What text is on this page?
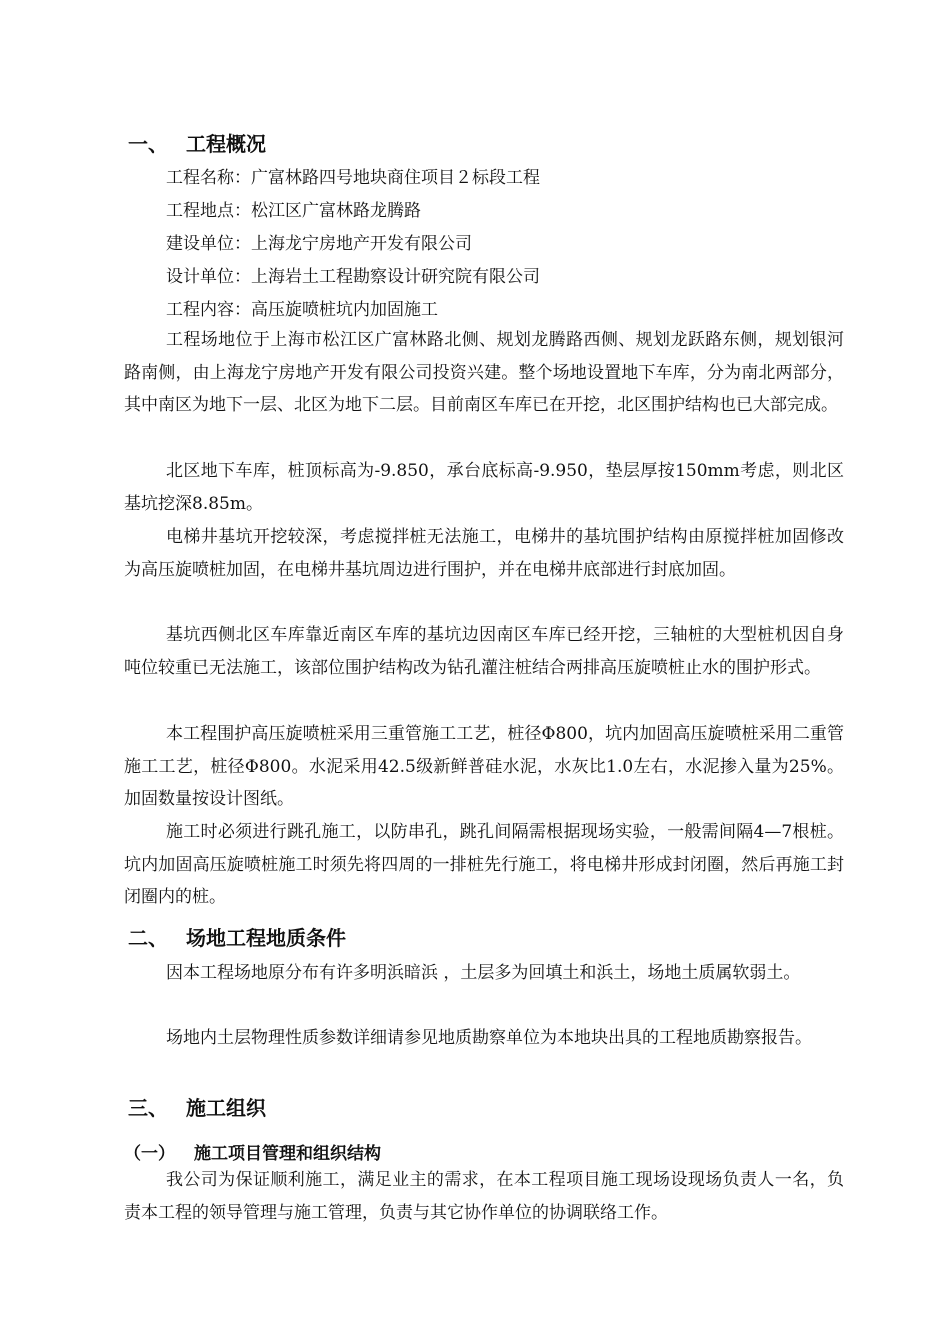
一、 工程概况
工程名称：广富林路四号地块商住项目２标段工程
工程地点：松江区广富林路龙腾路
建设单位：上海龙宁房地产开发有限公司
设计单位：上海岩土工程勘察设计研究院有限公司
工程内容：高压旋喷桩坑内加固施工

工程场地位于上海市松江区广富林路北侧、规划龙腾路西侧、规划龙跃路东侧，规划银河路南侧，由上海龙宁房地产开发有限公司投资兴建。整个场地设置地下车库，分为南北两部分，其中南区为地下一层、北区为地下二层。目前南区车库已在开挖，北区围护结构也已大部完成。

北区地下车库，桩顶标高为-9.850，承台底标高-9.950，垫层厚按150mm考虑，则北区基坑挖深8.85m。

电梯井基坑开挖较深，考虑搅拌桩无法施工，电梯井的基坑围护结构由原搅拌桩加固修改为高压旋喷桩加固，在电梯井基坑周边进行围护，并在电梯井底部进行封底加固。

基坑西侧北区车库靠近南区车库的基坑边因南区车库已经开挖，三轴桩的大型桩机因自身吨位较重已无法施工，该部位围护结构改为钻孔灌注桩结合两排高压旋喷桩止水的围护形式。

本工程围护高压旋喷桩采用三重管施工工艺，桩径Φ800，坑内加固高压旋喷桩采用二重管施工工艺，桩径Φ800。水泥采用42.5级新鲜普硅水泥，水灰比1.0左右，水泥掺入量为25%。加固数量按设计图纸。

施工时必须进行跳孔施工，以防串孔，跳孔间隔需根据现场实验，一般需间隔4—7根桩。坑内加固高压旋喷桩施工时须先将四周的一排桩先行施工，将电梯井形成封闭圈，然后再施工封闭圈内的桩。

二、 场地工程地质条件

因本工程场地原分布有许多明浜暗浜 ，土层多为回填土和浜土，场地土质属软弱土。

场地内土层物理性质参数详细请参见地质勘察单位为本地块出具的工程地质勘察报告。

三、 施工组织
（一） 施工项目管理和组织结构

我公司为保证顺利施工，满足业主的需求，在本工程项目施工现场设现场负责人一名，负责本工程的领导管理与施工管理，负责与其它协作单位的协调联络工作。
